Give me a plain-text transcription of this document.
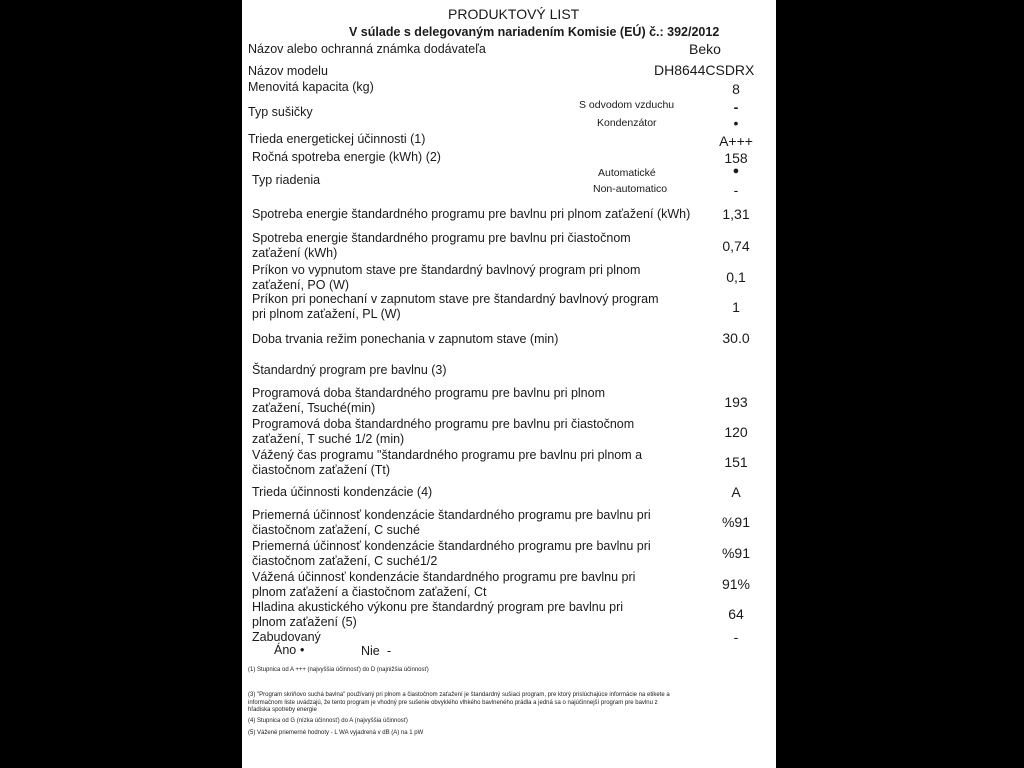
PRODUKTOVÝ LIST
V súlade s delegovaným nariadením Komisie (EÚ) č.: 392/2012
Názov alebo ochranná známka dodávateľa	Beko
Názov modelu	DH8644CSDRX
Menovitá kapacita (kg)	8
Typ sušičky	S odvodom vzduchu	-
Kondenzátor	•
Trieda energetickej účinnosti (1)	A+++
Ročná spotreba energie (kWh) (2)	158
Typ riadenia	Automatické	●
Non-automatico	-
Spotreba energie štandardného programu pre bavlnu pri plnom zaťažení (kWh)	1,31
Spotreba energie štandardného programu pre bavlnu pri čiastočnom zaťažení (kWh)	0,74
Príkon vo vypnutom stave pre štandardný bavlnový program pri plnom zaťažení, PO (W)	0,1
Príkon pri ponechaní v zapnutom stave pre štandardný bavlnový program pri plnom zaťažení, PL (W)	1
Doba trvania režim ponechania v zapnutom stave (min)	30.0
Štandardný program pre bavlnu (3)
Programová doba štandardného programu pre bavlnu pri plnom zaťažení, Tsuché(min)	193
Programová doba štandardného programu pre bavlnu pri čiastočnom zaťažení, T suché 1/2 (min)	120
Vážený čas programu "štandardného programu pre bavlnu pri plnom a čiastočnom zaťažení (Tt)	151
Trieda účinnosti kondenzácie (4)	A
Priemerná účinnosť kondenzácie štandardného programu pre bavlnu pri čiastočnom zaťažení, C suché	%91
Priemerná účinnosť kondenzácie štandardného programu pre bavlnu pri čiastočnom zaťažení, C suché1/2	%91
Vážená účinnosť kondenzácie štandardného programu pre bavlnu pri plnom zaťažení a čiastočnom zaťažení, Ct	91%
Hladina akustického výkonu pre štandardný program pre bavlnu pri plnom zaťažení (5)	64
Zabudovaný	-
Áno •	Nie -
(1) Stupnica od A +++ (najvyššia účinnosť) do D (najnižšia účinnosť)
(3) "Program skriňovo suchá bavlna" používaný pri plnom a čiastočnom zaťažení je štandardný sušiaci program, pre ktorý prislúchajúce informácie na etikete a informačnom liste uvádzajú, že tento program je vhodný pre sušenie obvyklého vlhkého bavlneného prádla a jedná sa o najúčinnejší program pre bavlnu z hľadiska spotreby energie
(4) Stupnica od G (nízka účinnosť) do A (najvyššia účinnosť)
(5) Vážené priemerné hodnoty - L WA vyjadrená v dB (A) na 1 pW
